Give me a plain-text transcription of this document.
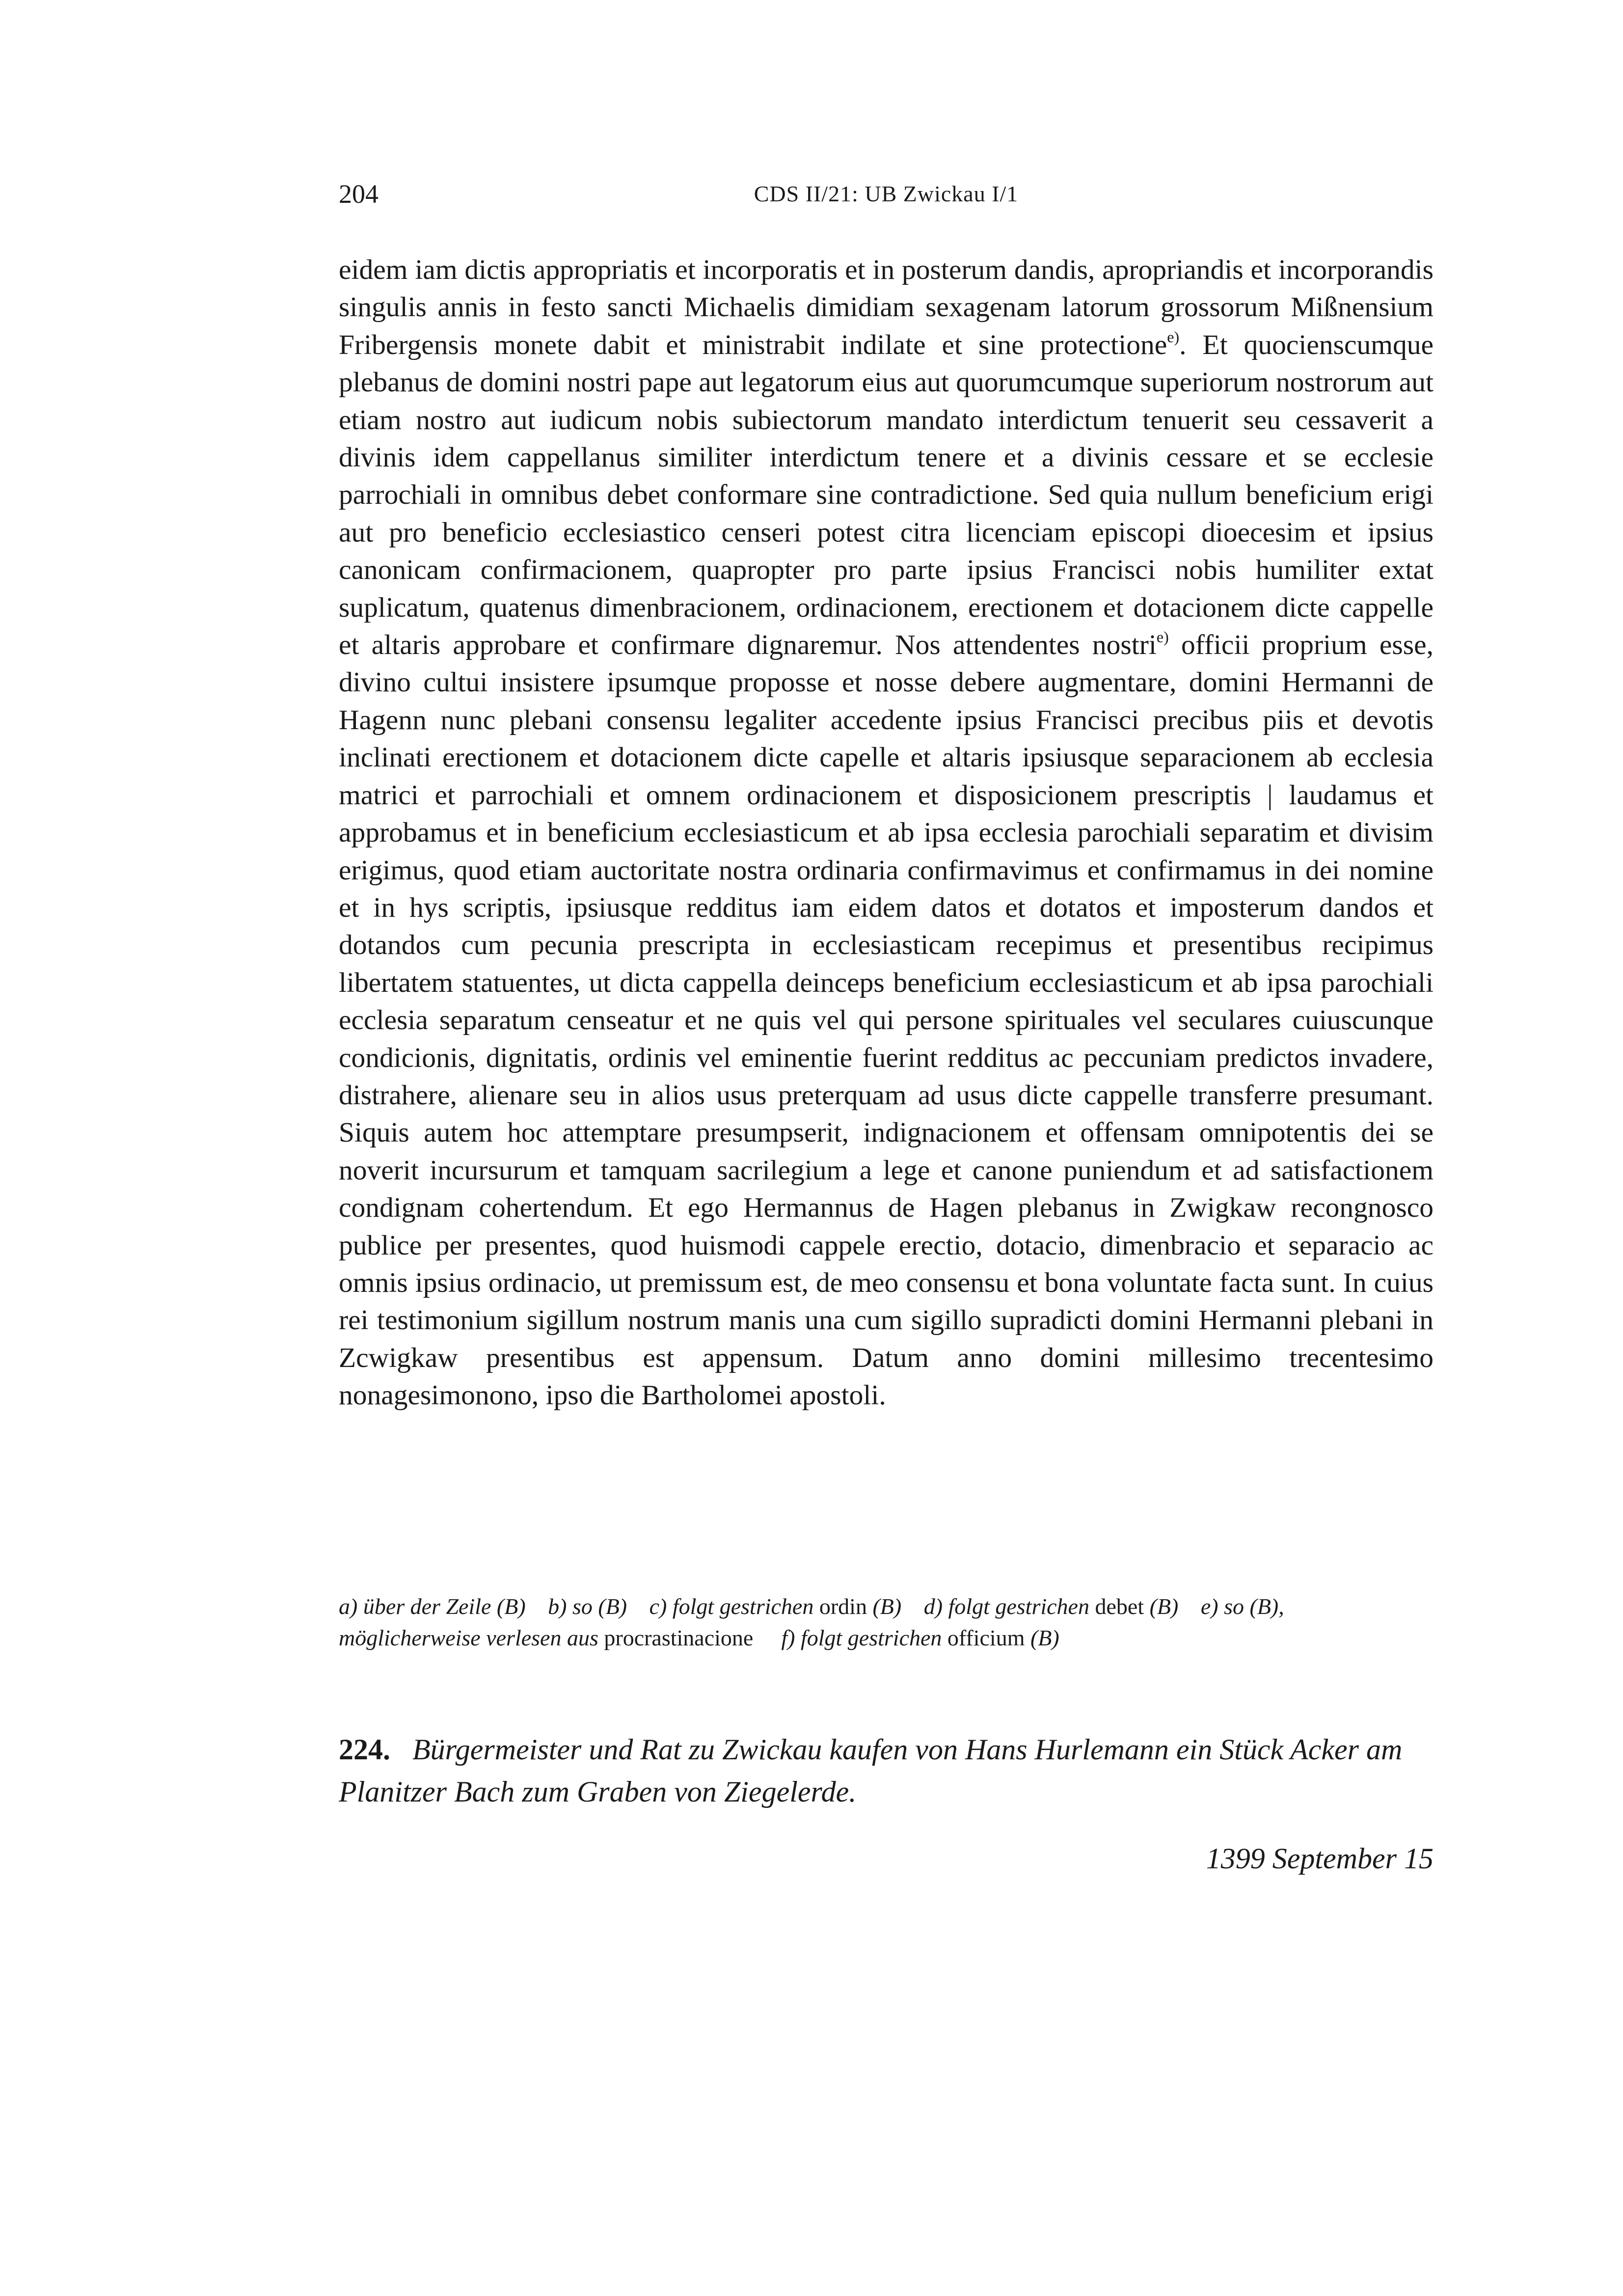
204	CDS II/21: UB Zwickau I/1
eidem iam dictis appropriatis et incorporatis et in posterum dandis, apropriandis et incorporandis singulis annis in festo sancti Michaelis dimidiam sexagenam latorum grossorum Mißnensium Fribergensis monete dabit et ministrabit indilate et sine protectione$^{e)}$. Et quocienscumque plebanus de domini nostri pape aut legatorum eius aut quorumcumque superiorum nostrorum aut etiam nostro aut iudicum nobis subiectorum mandato interdictum tenuerit seu cessaverit a divinis idem cappellanus similiter interdictum tenere et a divinis cessare et se ecclesie parrochiali in omnibus debet conformare sine contradictione. Sed quia nullum beneficium erigi aut pro beneficio ecclesiastico censeri potest citra licenciam episcopi dioecesim et ipsius canonicam confirmacionem, quapropter pro parte ipsius Francisci nobis humiliter extat suplicatum, quatenus dimenbracionem, ordinacionem, erectionem et dotacionem dicte cappelle et altaris approbare et confirmare dignaremur. Nos attendentes nostri$^{e)}$ officii proprium esse, divino cultui insistere ipsumque proposse et nosse debere augmentare, domini Hermanni de Hagenn nunc plebani consensu legaliter accedente ipsius Francisci precibus piis et devotis inclinati erectionem et dotacionem dicte capelle et altaris ipsiusque separacionem ab ecclesia matrici et parrochiali et omnem ordinacionem et disposicionem prescriptis | laudamus et approbamus et in beneficium ecclesiasticum et ab ipsa ecclesia parochiali separatim et divisim erigimus, quod etiam auctoritate nostra ordinaria confirmavimus et confirmamus in dei nomine et in hys scriptis, ipsiusque redditus iam eidem datos et dotatos et imposterum dandos et dotandos cum pecunia prescripta in ecclesiasticam recepimus et presentibus recipimus libertatem statuentes, ut dicta cappella deinceps beneficium ecclesiasticum et ab ipsa parochiali ecclesia separatum censeatur et ne quis vel qui persone spirituales vel seculares cuiuscunque condicionis, dignitatis, ordinis vel eminentie fuerint redditus ac peccuniam predictos invadere, distrahere, alienare seu in alios usus preterquam ad usus dicte cappelle transferre presumant. Siquis autem hoc attemptare presumpserit, indignacionem et offensam omnipotentis dei se noverit incursurum et tamquam sacrilegium a lege et canone puniendum et ad satisfactionem condignam cohertendum. Et ego Hermannus de Hagen plebanus in Zwigkaw recongnosco publice per presentes, quod huismodi cappele erectio, dotacio, dimenbracio et separacio ac omnis ipsius ordinacio, ut premissum est, de meo consensu et bona voluntate facta sunt. In cuius rei testimonium sigillum nostrum manis una cum sigillo supradicti domini Hermanni plebani in Zcwigkaw presentibus est appensum. Datum anno domini millesimo trecentesimo nonagesimonono, ipso die Bartholomei apostoli.
a) über der Zeile (B) b) so (B) c) folgt gestrichen ordin (B) d) folgt gestrichen debet (B) e) so (B),
möglicherweise verlesen aus procrastinacione  f) folgt gestrichen officium (B)
224. Bürgermeister und Rat zu Zwickau kaufen von Hans Hurlemann ein Stück Acker am Planitzer Bach zum Graben von Ziegelerde.
1399 September 15
